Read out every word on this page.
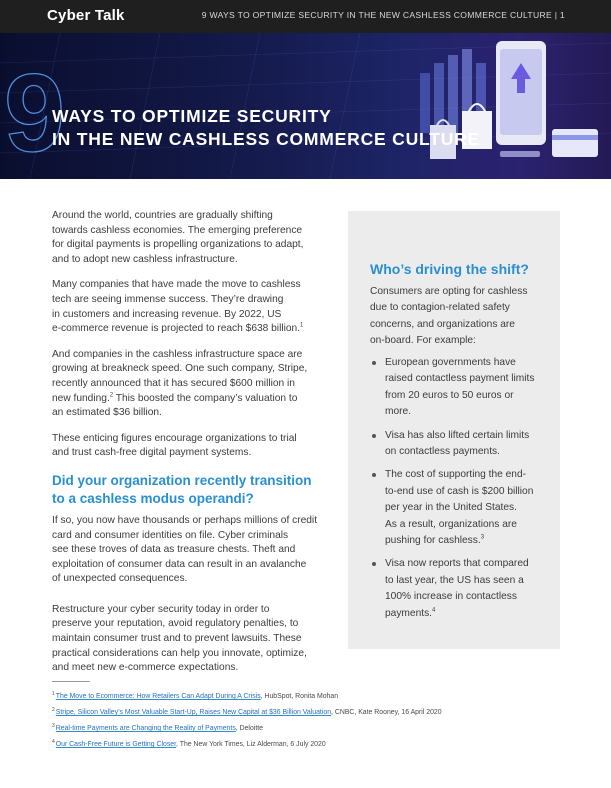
Cyber Talk	9 WAYS TO OPTIMIZE SECURITY IN THE NEW CASHLESS COMMERCE CULTURE | 1
9
WAYS TO OPTIMIZE SECURITY
IN THE NEW CASHLESS COMMERCE CULTURE

Around the world, countries are gradually shifting
towards cashless economies. The emerging preference
for digital payments is propelling organizations to adapt,
and to adopt new cashless infrastructure.

Many companies that have made the move to cashless
tech are seeing immense success. They’re drawing
in customers and increasing revenue. By 2022, US
e-commerce revenue is projected to reach $638 billion.$^1$

And companies in the cashless infrastructure space are
growing at breakneck speed. One such company, Stripe,
recently announced that it has secured $600 million in
new funding.$^2$ This boosted the company’s valuation to
an estimated $36 billion.

These enticing figures encourage organizations to trial
and trust cash-free digital payment systems.

Did your organization recently transition
to a cashless modus operandi?

If so, you now have thousands or perhaps millions of credit
card and consumer identities on file. Cyber criminals
see these troves of data as treasure chests. Theft and
exploitation of consumer data can result in an avalanche
of unexpected consequences.

Restructure your cyber security today in order to
preserve your reputation, avoid regulatory penalties, to
maintain consumer trust and to prevent lawsuits. These
practical considerations can help you innovate, optimize,
and meet new e-commerce expectations.

Who’s driving the shift?
Consumers are opting for cashless
due to contagion-related safety
concerns, and organizations are
on-board. For example:
European governments have
raised contactless payment limits
from 20 euros to 50 euros or
more.
Visa has also lifted certain limits
on contactless payments.
The cost of supporting the end-
to-end use of cash is $200 billion
per year in the United States.
As a result, organizations are
pushing for cashless.$^3$
Visa now reports that compared
to last year, the US has seen a
100% increase in contactless
payments.$^4$
$^1$The Move to Ecommerce: How Retailers Can Adapt During A Crisis, HubSpot, Ronita Mohan
$^2$Stripe, Silicon Valley’s Most Valuable Start-Up, Raises New Capital at $36 Billion Valuation, CNBC, Kate Rooney, 16 April 2020
$^3$Real-time Payments are Changing the Reality of Payments, Deloitte
$^4$Our Cash-Free Future is Getting Closer, The New York Times, Liz Alderman, 6 July 2020
